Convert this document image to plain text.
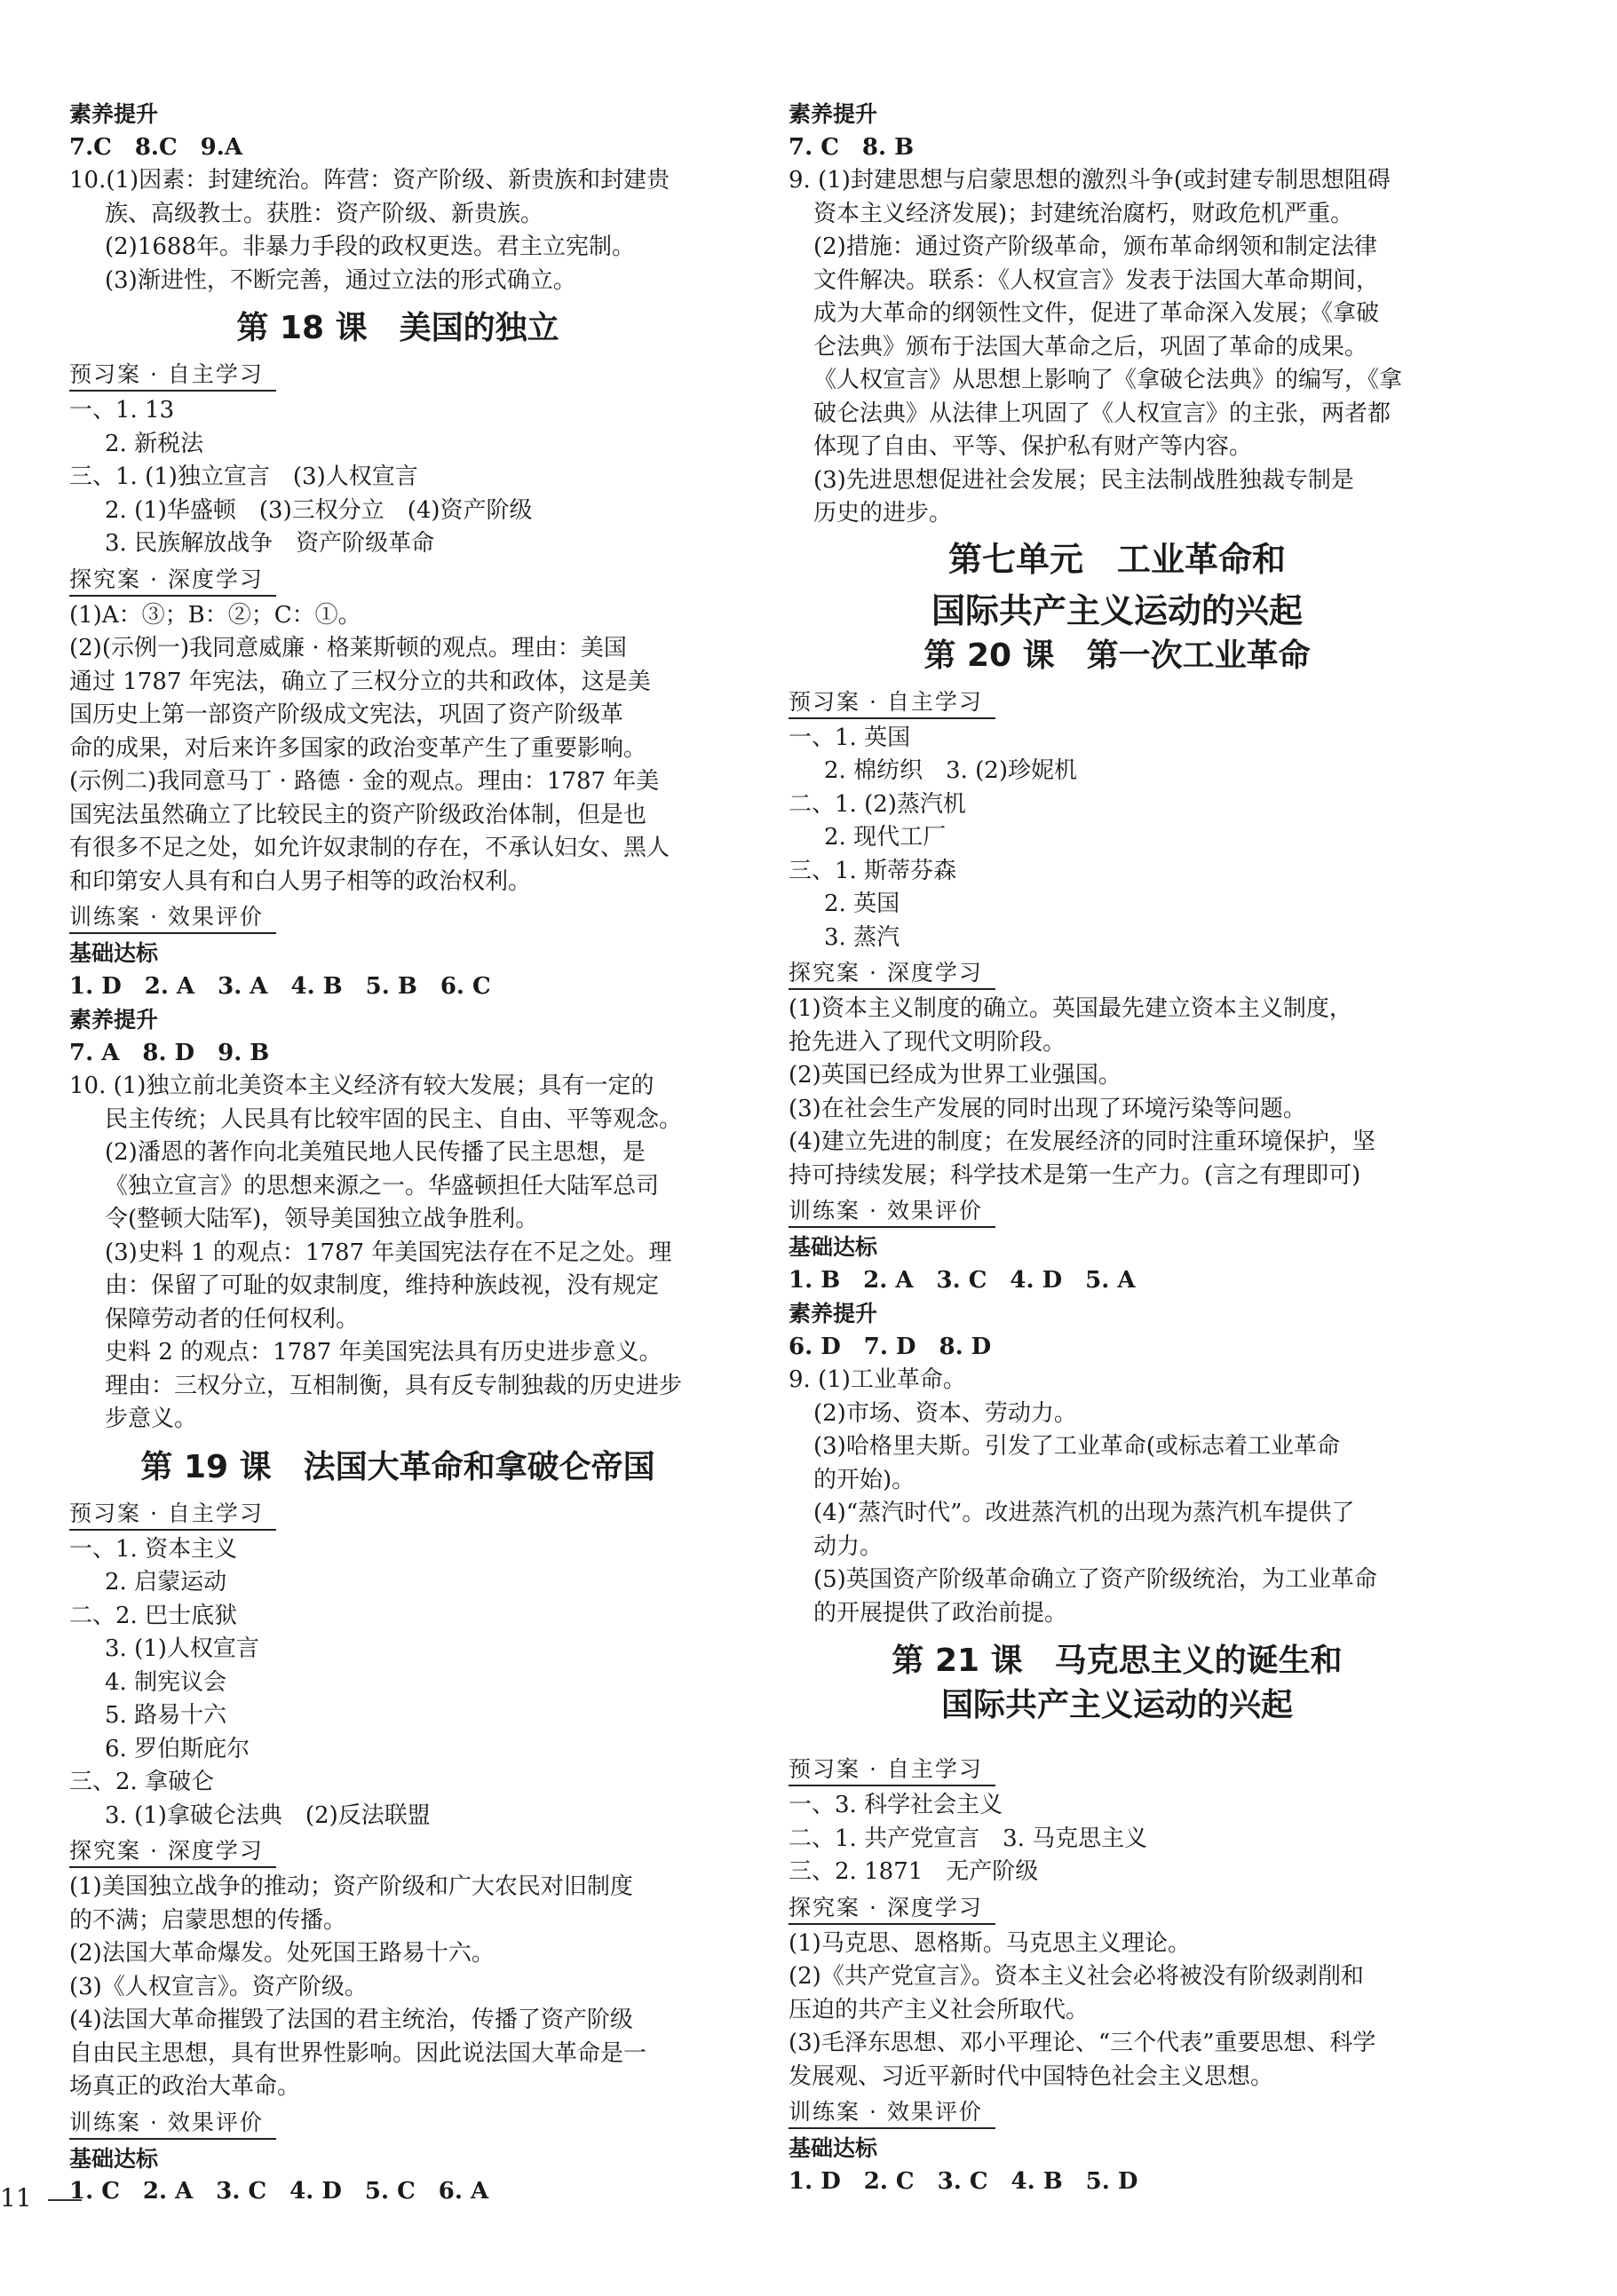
素养提升
7.C　8.C　9.A
10.(1)因素：封建统治。阵营：资产阶级、新贵族和封建贵
族、高级教士。获胜：资产阶级、新贵族。
(2)1688年。非暴力手段的政权更迭。君主立宪制。
(3)渐进性，不断完善，通过立法的形式确立。
第 18 课　美国的独立
预习案 · 自主学习
一、1. 13
2. 新税法
三、1. (1)独立宣言　(3)人权宣言
2. (1)华盛顿　(3)三权分立　(4)资产阶级
3. 民族解放战争　资产阶级革命
探究案 · 深度学习
(1)A：③；B：②；C：①。
(2)(示例一)我同意威廉 · 格莱斯顿的观点。理由：美国
通过 1787 年宪法，确立了三权分立的共和政体，这是美
国历史上第一部资产阶级成文宪法，巩固了资产阶级革
命的成果，对后来许多国家的政治变革产生了重要影响。
(示例二)我同意马丁 · 路德 · 金的观点。理由：1787 年美
国宪法虽然确立了比较民主的资产阶级政治体制，但是也
有很多不足之处，如允许奴隶制的存在，不承认妇女、黑人
和印第安人具有和白人男子相等的政治权利。
训练案 · 效果评价
基础达标
1. D　2. A　3. A　4. B　5. B　6. C
素养提升
7. A　8. D　9. B
10. (1)独立前北美资本主义经济有较大发展；具有一定的
民主传统；人民具有比较牢固的民主、自由、平等观念。
(2)潘恩的著作向北美殖民地人民传播了民主思想，是
《独立宣言》的思想来源之一。华盛顿担任大陆军总司
令(整顿大陆军)，领导美国独立战争胜利。
(3)史料 1 的观点：1787 年美国宪法存在不足之处。理
由：保留了可耻的奴隶制度，维持种族歧视，没有规定
保障劳动者的任何权利。
史料 2 的观点：1787 年美国宪法具有历史进步意义。
理由：三权分立，互相制衡，具有反专制独裁的历史进步
步意义。
第 19 课　法国大革命和拿破仑帝国
预习案 · 自主学习
一、1. 资本主义
2. 启蒙运动
二、2. 巴士底狱
3. (1)人权宣言
4. 制宪议会
5. 路易十六
6. 罗伯斯庇尔
三、2. 拿破仑
3. (1)拿破仑法典　(2)反法联盟
探究案 · 深度学习
(1)美国独立战争的推动；资产阶级和广大农民对旧制度
的不满；启蒙思想的传播。
(2)法国大革命爆发。处死国王路易十六。
(3)《人权宣言》。资产阶级。
(4)法国大革命摧毁了法国的君主统治，传播了资产阶级
自由民主思想，具有世界性影响。因此说法国大革命是一
场真正的政治大革命。
训练案 · 效果评价
基础达标
1. C　2. A　3. C　4. D　5. C　6. A
素养提升
7. C　8. B
9. (1)封建思想与启蒙思想的激烈斗争(或封建专制思想阻碍
资本主义经济发展)；封建统治腐朽，财政危机严重。
(2)措施：通过资产阶级革命，颁布革命纲领和制定法律
文件解决。联系：《人权宣言》发表于法国大革命期间，
成为大革命的纲领性文件，促进了革命深入发展；《拿破
仑法典》颁布于法国大革命之后，巩固了革命的成果。
《人权宣言》从思想上影响了《拿破仑法典》的编写，《拿
破仑法典》从法律上巩固了《人权宣言》的主张，两者都
体现了自由、平等、保护私有财产等内容。
(3)先进思想促进社会发展；民主法制战胜独裁专制是
历史的进步。
第七单元　工业革命和
国际共产主义运动的兴起
第 20 课　第一次工业革命
预习案 · 自主学习
一、1. 英国
2. 棉纺织　3. (2)珍妮机
二、1. (2)蒸汽机
2. 现代工厂
三、1. 斯蒂芬森
2. 英国
3. 蒸汽
探究案 · 深度学习
(1)资本主义制度的确立。英国最先建立资本主义制度，
抢先进入了现代文明阶段。
(2)英国已经成为世界工业强国。
(3)在社会生产发展的同时出现了环境污染等问题。
(4)建立先进的制度；在发展经济的同时注重环境保护，坚
持可持续发展；科学技术是第一生产力。(言之有理即可)
训练案 · 效果评价
基础达标
1. B　2. A　3. C　4. D　5. A
素养提升
6. D　7. D　8. D
9. (1)工业革命。
(2)市场、资本、劳动力。
(3)哈格里夫斯。引发了工业革命(或标志着工业革命
的开始)。
(4)“蒸汽时代”。改进蒸汽机的出现为蒸汽机车提供了
动力。
(5)英国资产阶级革命确立了资产阶级统治，为工业革命
的开展提供了政治前提。
第 21 课　马克思主义的诞生和
国际共产主义运动的兴起
预习案 · 自主学习
一、3. 科学社会主义
二、1. 共产党宣言　3. 马克思主义
三、2. 1871　无产阶级
探究案 · 深度学习
(1)马克思、恩格斯。马克思主义理论。
(2)《共产党宣言》。资本主义社会必将被没有阶级剥削和
压迫的共产主义社会所取代。
(3)毛泽东思想、邓小平理论、“三个代表”重要思想、科学
发展观、习近平新时代中国特色社会主义思想。
训练案 · 效果评价
基础达标
1. D　2. C　3. C　4. B　5. D
11
